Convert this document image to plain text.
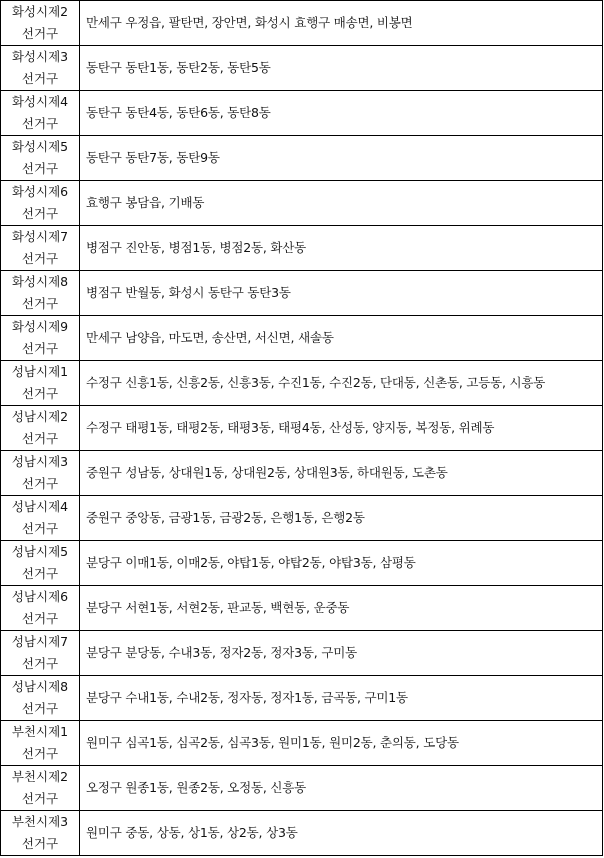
화성시제2
선거구	만세구 우정읍, 팔탄면, 장안면, 화성시 효행구 매송면, 비봉면

화성시제3
선거구	동탄구 동탄1동, 동탄2동, 동탄5동

화성시제4
선거구	동탄구 동탄4동, 동탄6동, 동탄8동

화성시제5
선거구	동탄구 동탄7동, 동탄9동

화성시제6
선거구	효행구 봉담읍, 기배동

화성시제7
선거구	병점구 진안동, 병점1동, 병점2동, 화산동

화성시제8
선거구	병점구 반월동, 화성시 동탄구 동탄3동

화성시제9
선거구	만세구 남양읍, 마도면, 송산면, 서신면, 새솔동

성남시제1
선거구	수정구 신흥1동, 신흥2동, 신흥3동, 수진1동, 수진2동, 단대동, 신촌동, 고등동, 시흥동

성남시제2
선거구	수정구 태평1동, 태평2동, 태평3동, 태평4동, 산성동, 양지동, 복정동, 위례동

성남시제3
선거구	중원구 성남동, 상대원1동, 상대원2동, 상대원3동, 하대원동, 도촌동

성남시제4
선거구	중원구 중앙동, 금광1동, 금광2동, 은행1동, 은행2동

성남시제5
선거구	분당구 이매1동, 이매2동, 야탑1동, 야탑2동, 야탑3동, 삼평동

성남시제6
선거구	분당구 서현1동, 서현2동, 판교동, 백현동, 운중동

성남시제7
선거구	분당구 분당동, 수내3동, 정자2동, 정자3동, 구미동

성남시제8
선거구	분당구 수내1동, 수내2동, 정자동, 정자1동, 금곡동, 구미1동

부천시제1
선거구	원미구 심곡1동, 심곡2동, 심곡3동, 원미1동, 원미2동, 춘의동, 도당동

부천시제2
선거구	오정구 원종1동, 원종2동, 오정동, 신흥동

부천시제3
선거구	원미구 중동, 상동, 상1동, 상2동, 상3동
